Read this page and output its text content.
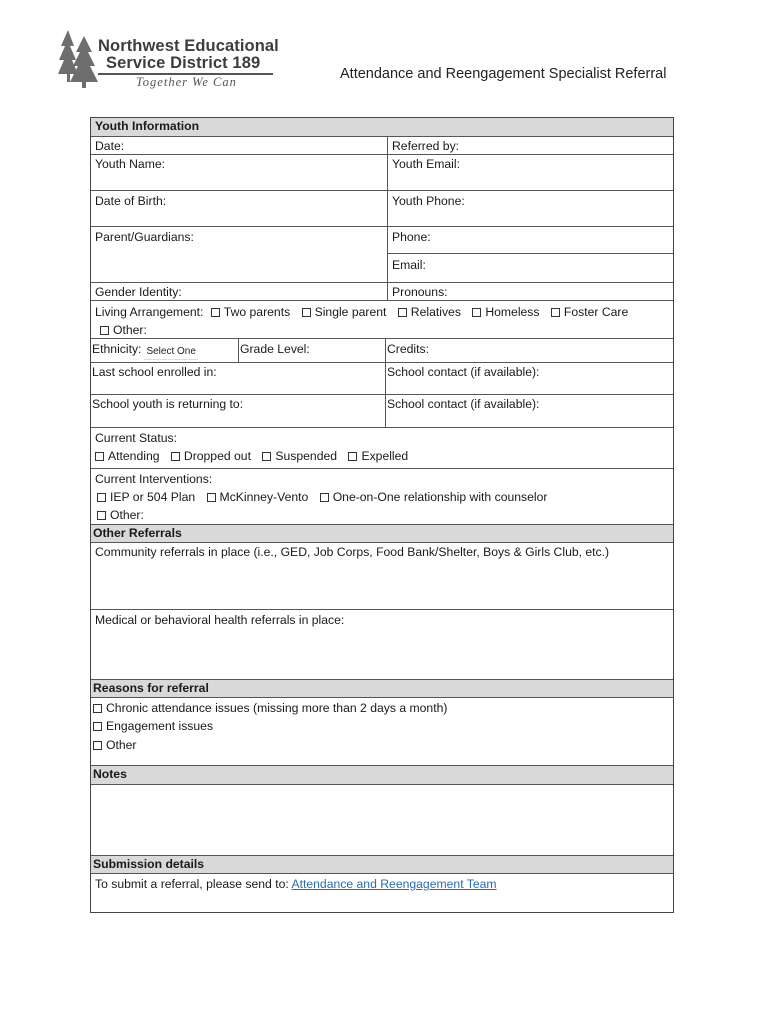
Northwest Educational
Service District 189
Together We Can	Attendance and Reengagement Specialist Referral
Youth Information
Date:	Referred by:
Youth Name:	Youth Email:
Date of Birth:	Youth Phone:
Parent/Guardians:	Phone:
Email:
Gender Identity:	Pronouns:
Living Arrangement: Two parents Single parent Relatives Homeless Foster Care
Other:
Ethnicity: Select One	Grade Level:	Credits:
Last school enrolled in:	School contact (if available):
School youth is returning to:	School contact (if available):
Current Status:
Attending Dropped out Suspended Expelled
Current Interventions:
IEP or 504 Plan McKinney-Vento One-on-One relationship with counselor
Other:
Other Referrals
Community referrals in place (i.e., GED, Job Corps, Food Bank/Shelter, Boys & Girls Club, etc.)
Medical or behavioral health referrals in place:
Reasons for referral
Chronic attendance issues (missing more than 2 days a month)
Engagement issues
Other
Notes
Submission details
To submit a referral, please send to: Attendance and Reengagement Team
